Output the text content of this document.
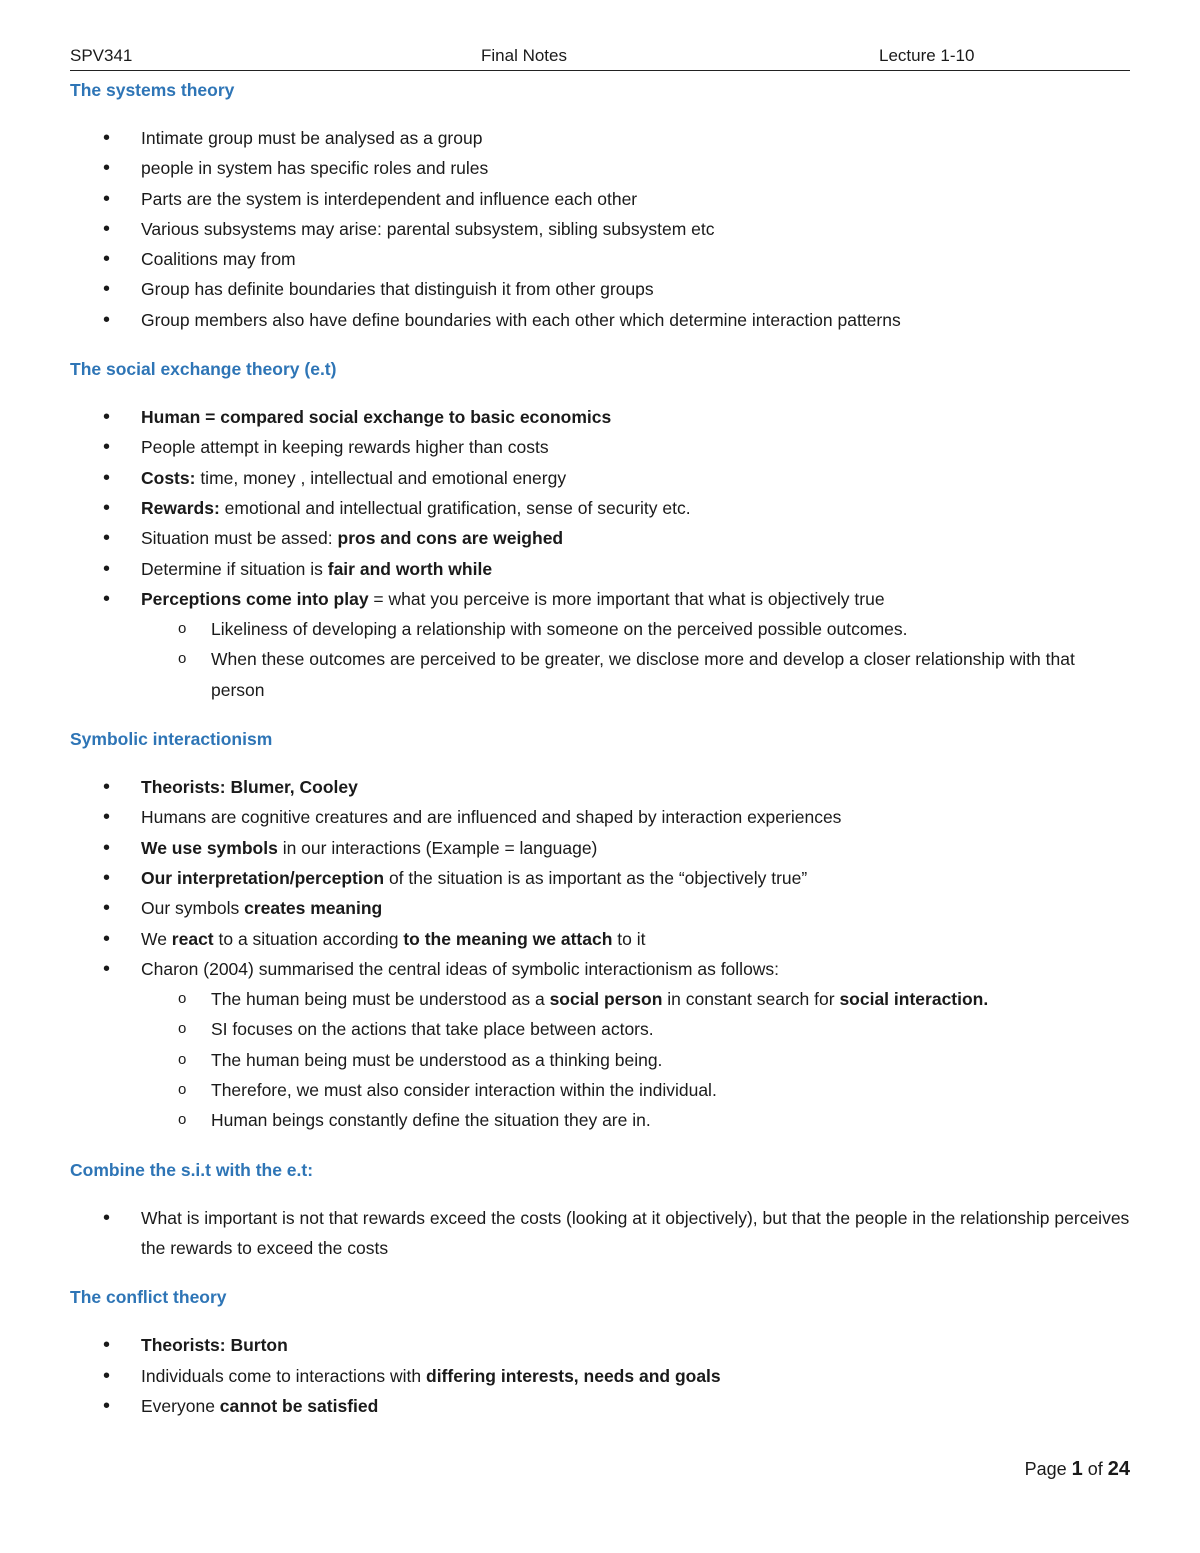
SPV341	Final Notes	Lecture 1-10
The systems theory
• Intimate group must be analysed as a group
• people in system has specific roles and rules
• Parts are the system is interdependent and influence each other
• Various subsystems may arise: parental subsystem, sibling subsystem etc
• Coalitions may from
• Group has definite boundaries that distinguish it from other groups
• Group members also have define boundaries with each other which determine interaction patterns
The social exchange theory (e.t)
• Human = compared social exchange to basic economics
• People attempt in keeping rewards higher than costs
• Costs: time, money , intellectual and emotional energy
• Rewards: emotional and intellectual gratification, sense of security etc.
• Situation must be assed: pros and cons are weighed
• Determine if situation is fair and worth while
• Perceptions come into play = what you perceive is more important that what is objectively true
o Likeliness of developing a relationship with someone on the perceived possible outcomes.
o When these outcomes are perceived to be greater, we disclose more and develop a closer relationship with that person
Symbolic interactionism
• Theorists: Blumer, Cooley
• Humans are cognitive creatures and are influenced and shaped by interaction experiences
• We use symbols in our interactions (Example = language)
• Our interpretation/perception of the situation is as important as the “objectively true”
• Our symbols creates meaning
• We react to a situation according to the meaning we attach to it
• Charon (2004) summarised the central ideas of symbolic interactionism as follows:
o The human being must be understood as a social person in constant search for social interaction.
o SI focuses on the actions that take place between actors.
o The human being must be understood as a thinking being.
o Therefore, we must also consider interaction within the individual.
o Human beings constantly define the situation they are in.
Combine the s.i.t with the e.t:
• What is important is not that rewards exceed the costs (looking at it objectively), but that the people in the relationship perceives the rewards to exceed the costs
The conflict theory
• Theorists: Burton
• Individuals come to interactions with differing interests, needs and goals
• Everyone cannot be satisfied
Page 1 of 24
